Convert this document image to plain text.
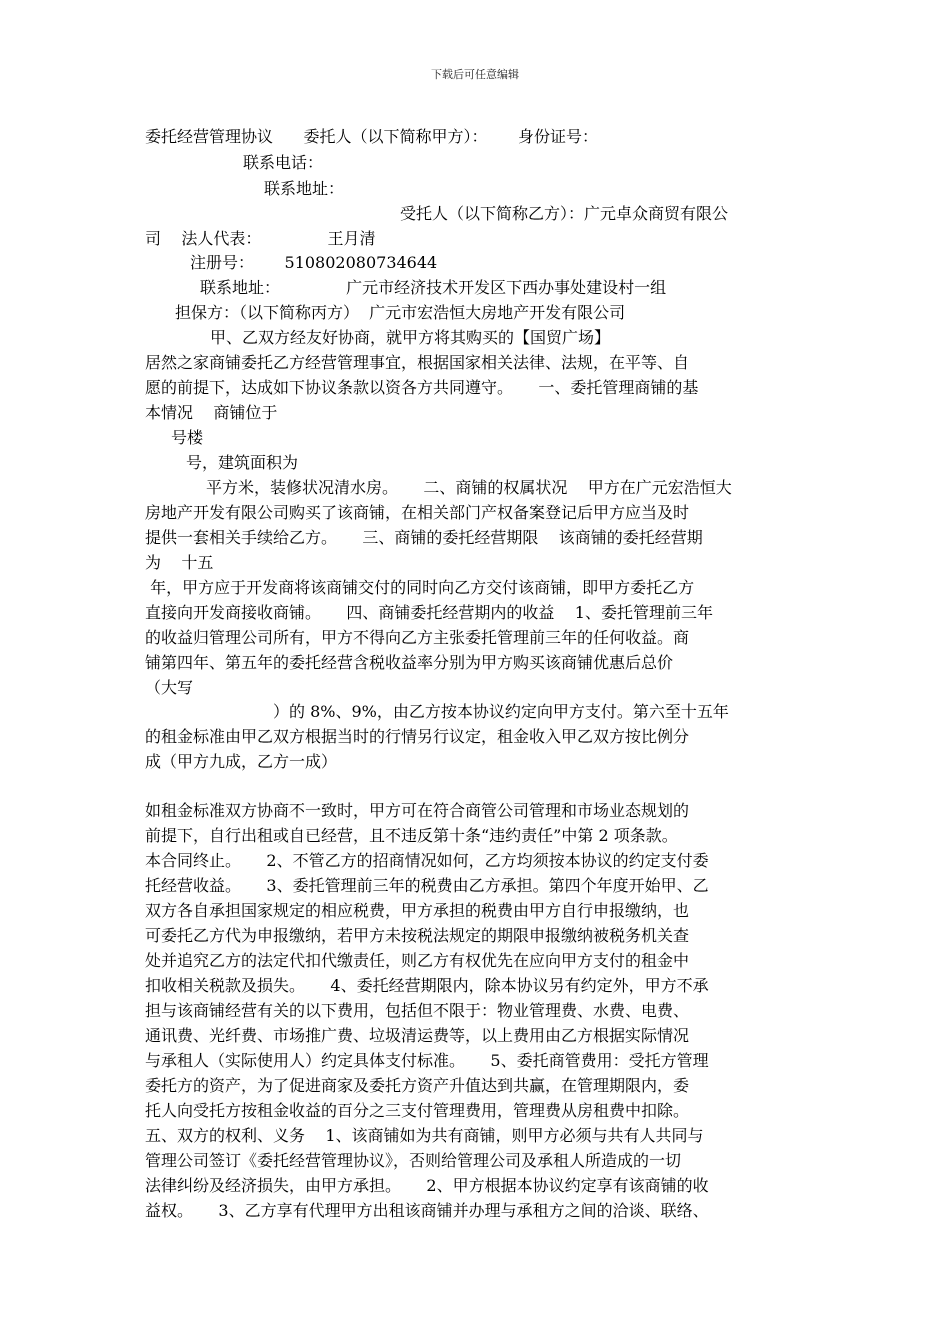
下载后可任意编辑
委托经营管理协议      委托人（以下简称甲方）：      身份证号：
联系电话：
联系地址：
受托人（以下简称乙方）：广元卓众商贸有限公
司    法人代表：             王月清
注册号：      510802080734644
联系地址：             广元市经济技术开发区下西办事处建设村一组
担保方：（以下简称丙方）  广元市宏浩恒大房地产开发有限公司
甲、乙双方经友好协商，就甲方将其购买的【国贸广场】
居然之家商铺委托乙方经营管理事宜，根据国家相关法律、法规，在平等、自
愿的前提下，达成如下协议条款以资各方共同遵守。     一、委托管理商铺的基
本情况    商铺位于
号楼
号，建筑面积为
平方米，装修状况清水房。     二、商铺的权属状况    甲方在广元宏浩恒大
房地产开发有限公司购买了该商铺，在相关部门产权备案登记后甲方应当及时
提供一套相关手续给乙方。     三、商铺的委托经营期限    该商铺的委托经营期
为    十五
年，甲方应于开发商将该商铺交付的同时向乙方交付该商铺，即甲方委托乙方
直接向开发商接收商铺。     四、商铺委托经营期内的收益    1、委托管理前三年
的收益归管理公司所有，甲方不得向乙方主张委托管理前三年的任何收益。商
铺第四年、第五年的委托经营含税收益率分别为甲方购买该商铺优惠后总价
（大写
）的 8%、9%，由乙方按本协议约定向甲方支付。第六至十五年
的租金标准由甲乙双方根据当时的行情另行议定，租金收入甲乙双方按比例分
成（甲方九成，乙方一成）
如租金标准双方协商不一致时，甲方可在符合商管公司管理和市场业态规划的
前提下，自行出租或自已经营，且不违反第十条“违约责任”中第 2 项条款。
本合同终止。     2、不管乙方的招商情况如何，乙方均须按本协议的约定支付委
托经营收益。     3、委托管理前三年的税费由乙方承担。第四个年度开始甲、乙
双方各自承担国家规定的相应税费，甲方承担的税费由甲方自行申报缴纳，也
可委托乙方代为申报缴纳，若甲方未按税法规定的期限申报缴纳被税务机关查
处并追究乙方的法定代扣代缴责任，则乙方有权优先在应向甲方支付的租金中
扣收相关税款及损失。     4、委托经营期限内，除本协议另有约定外，甲方不承
担与该商铺经营有关的以下费用，包括但不限于：物业管理费、水费、电费、
通讯费、光纤费、市场推广费、垃圾清运费等，以上费用由乙方根据实际情况
与承租人（实际使用人）约定具体支付标准。     5、委托商管费用：受托方管理
委托方的资产，为了促进商家及委托方资产升值达到共赢，在管理期限内，委
托人向受托方按租金收益的百分之三支付管理费用，管理费从房租费中扣除。
五、双方的权利、义务    1、该商铺如为共有商铺，则甲方必须与共有人共同与
管理公司签订《委托经营管理协议》，否则给管理公司及承租人所造成的一切
法律纠纷及经济损失，由甲方承担。     2、甲方根据本协议约定享有该商铺的收
益权。     3、乙方享有代理甲方出租该商铺并办理与承租方之间的洽谈、联络、
